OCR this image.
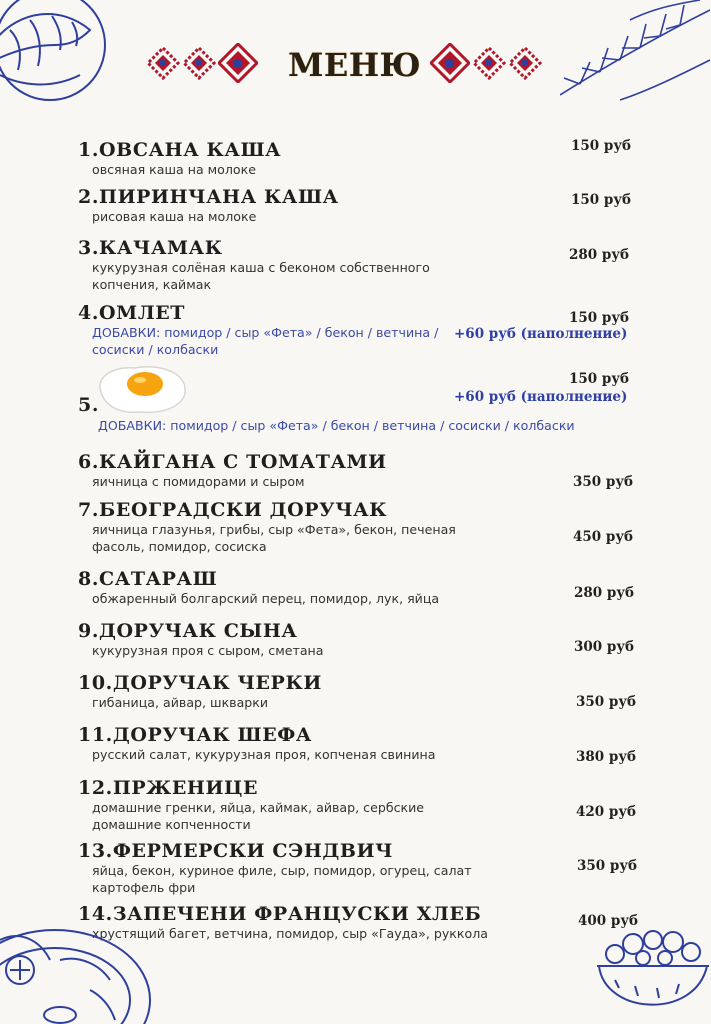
МЕНЮ
1.ОВСАНА КАША
овсяная каша на молоке
150 руб
2.ПИРИНЧАНА КАША
рисовая каша на молоке
150 руб
3.КАЧАМАК
кукурузная солёная каша с беконом собственного копчения, каймак
280 руб
4.ОМЛЕТ
ДОБАВКИ: помидор / сыр «Фета» / бекон / ветчина / сосиски / колбаски
150 руб
+60 руб (наполнение)
5.
150 руб
+60 руб (наполнение)
ДОБАВКИ: помидор / сыр «Фета» / бекон / ветчина / сосиски / колбаски
6.КАЙГАНА С ТОМАТАМИ
яичница с помидорами и сыром	350 руб
7.БЕОГРАДСКИ ДОРУЧАК
яичница глазунья, грибы, сыр «Фета», бекон, печеная фасоль, помидор, сосиска
450 руб
8.САТАРАШ
обжаренный болгарский перец, помидор, лук, яйца	280 руб
9.ДОРУЧАК СЫНА
кукурузная проя с сыром, сметана	300 руб
10.ДОРУЧАК ЧЕРКИ
гибаница, айвар, шкварки	350 руб
11.ДОРУЧАК ШЕФА
русский салат, кукурузная проя, копченая свинина	380 руб
12.ПРЖЕНИЦЕ
домашние гренки, яйца, каймак, айвар, сербские домашние копченности
420 руб
13.ФЕРМЕРСКИ СЭНДВИЧ
яйца, бекон, куриное филе, сыр, помидор, огурец, салат картофель фри
350 руб
14.ЗАПЕЧЕНИ ФРАНЦУСКИ ХЛЕБ
хрустящий багет, ветчина, помидор, сыр «Гауда», руккола
400 руб
